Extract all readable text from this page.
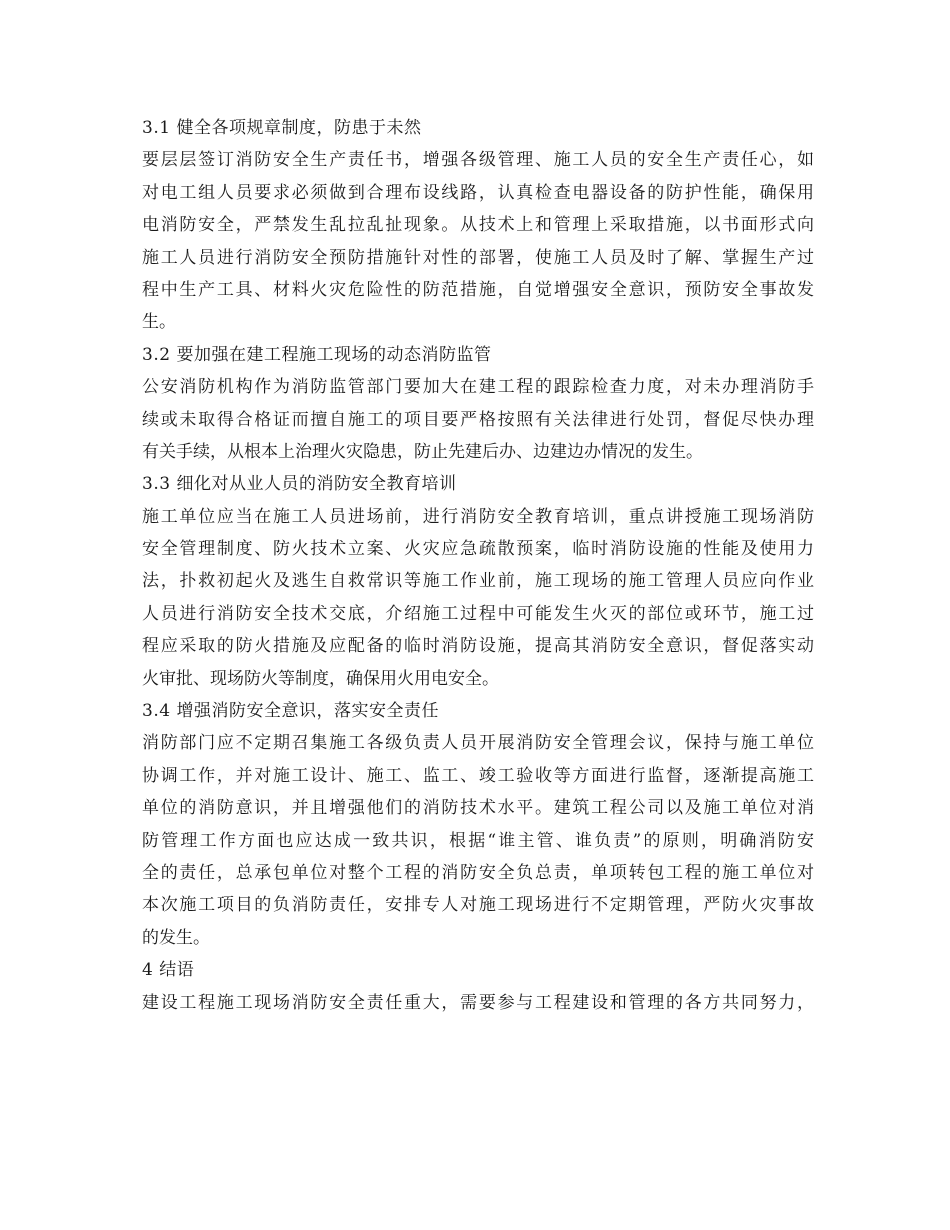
3.1 健全各项规章制度，防患于未然
要层层签订消防安全生产责任书，增强各级管理、施工人员的安全生产责任心，如
对电工组人员要求必须做到合理布设线路，认真检查电器设备的防护性能，确保用
电消防安全，严禁发生乱拉乱扯现象。从技术上和管理上采取措施，以书面形式向
施工人员进行消防安全预防措施针对性的部署，使施工人员及时了解、掌握生产过
程中生产工具、材料火灾危险性的防范措施，自觉增强安全意识，预防安全事故发
生。
3.2 要加强在建工程施工现场的动态消防监管
公安消防机构作为消防监管部门要加大在建工程的跟踪检查力度，对未办理消防手
续或未取得合格证而擅自施工的项目要严格按照有关法律进行处罚，督促尽快办理
有关手续，从根本上治理火灾隐患，防止先建后办、边建边办情况的发生。
3.3 细化对从业人员的消防安全教育培训
施工单位应当在施工人员进场前，进行消防安全教育培训，重点讲授施工现场消防
安全管理制度、防火技术立案、火灾应急疏散预案，临时消防设施的性能及使用力
法，扑救初起火及逃生自救常识等施工作业前，施工现场的施工管理人员应向作业
人员进行消防安全技术交底，介绍施工过程中可能发生火灭的部位或环节，施工过
程应采取的防火措施及应配备的临时消防设施，提高其消防安全意识，督促落实动
火审批、现场防火等制度，确保用火用电安全。
3.4 增强消防安全意识，落实安全责任
消防部门应不定期召集施工各级负责人员开展消防安全管理会议，保持与施工单位
协调工作，并对施工设计、施工、监工、竣工验收等方面进行监督，逐渐提高施工
单位的消防意识，并且增强他们的消防技术水平。建筑工程公司以及施工单位对消
防管理工作方面也应达成一致共识，根据“谁主管、谁负责”的原则，明确消防安
全的责任，总承包单位对整个工程的消防安全负总责，单项转包工程的施工单位对
本次施工项目的负消防责任，安排专人对施工现场进行不定期管理，严防火灾事故
的发生。
4 结语
建设工程施工现场消防安全责任重大，需要参与工程建设和管理的各方共同努力，
